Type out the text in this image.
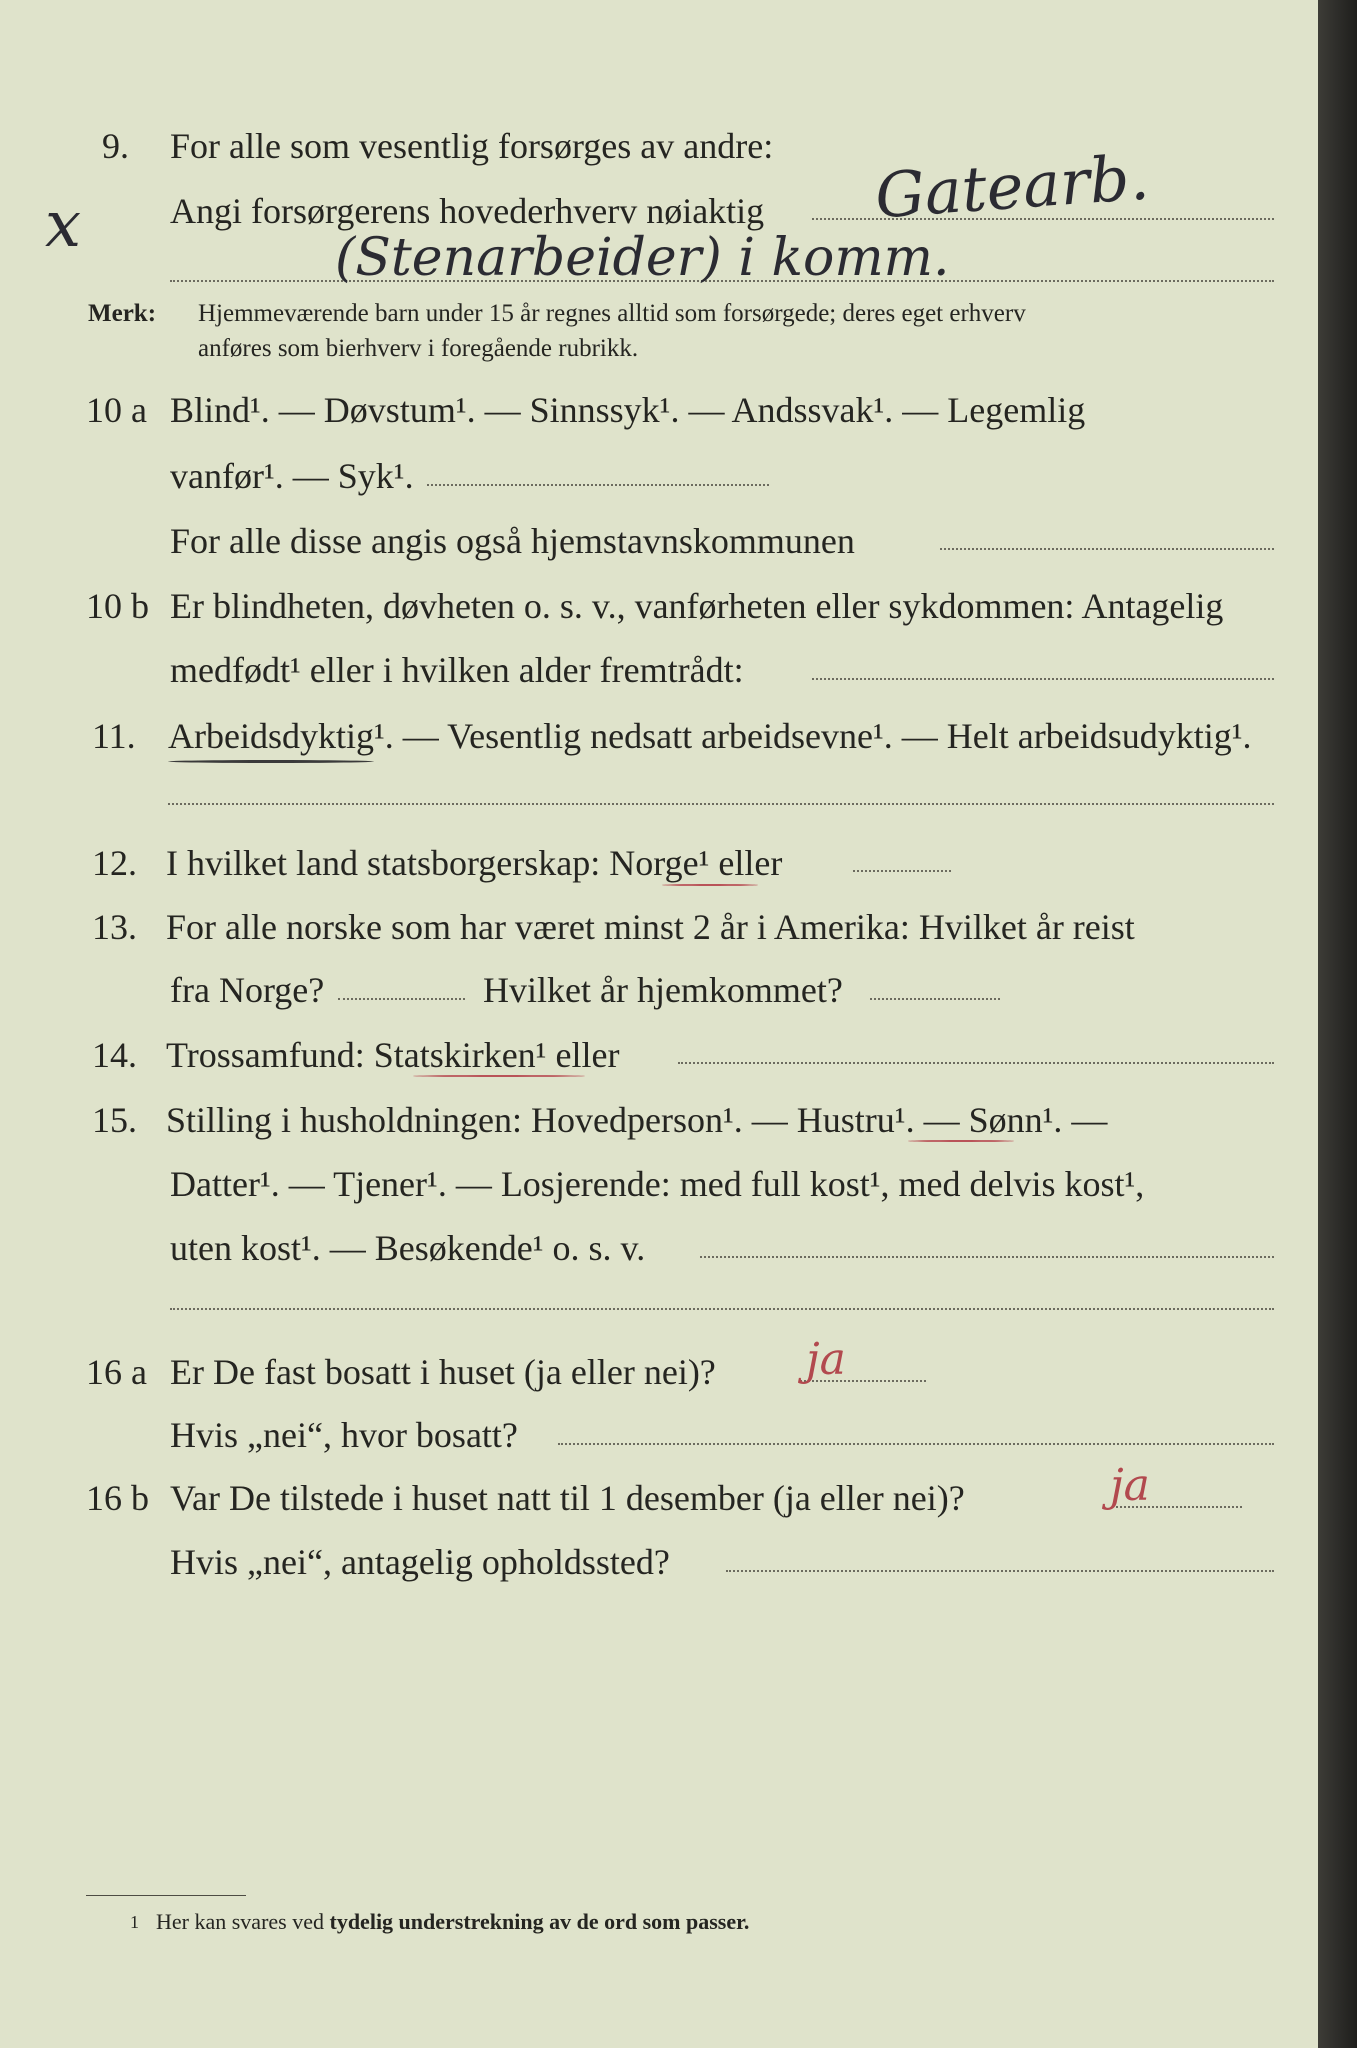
9. For alle som vesentlig forsørges av andre:
Angi forsørgerens hovederhverv nøiaktig Gatearb.
(Stenarbeider) i komm.
x
Merk: Hjemmeværende barn under 15 år regnes alltid som forsørgede; deres eget erhverv
anføres som bierhverv i foregående rubrikk.
10 a Blind¹. — Døvstum¹. — Sinnssyk¹. — Andssvak¹. — Legemlig
vanfør¹. — Syk¹.
For alle disse angis også hjemstavnskommunen
10 b Er blindheten, døvheten o. s. v., vanførheten eller sykdommen: Antagelig
medfødt¹ eller i hvilken alder fremtrådt:
11. Arbeidsdyktig¹. — Vesentlig nedsatt arbeidsevne¹. — Helt arbeidsudyktig¹.
12. I hvilket land statsborgerskap: Norge¹ eller
13. For alle norske som har været minst 2 år i Amerika: Hvilket år reist
fra Norge?	Hvilket år hjemkommet?
14. Trossamfund: Statskirken¹ eller
15. Stilling i husholdningen: Hovedperson¹. — Hustru¹. — Sønn¹. —
Datter¹. — Tjener¹. — Losjerende: med full kost¹, med delvis kost¹,
uten kost¹. — Besøkende¹ o. s. v.
16 a Er De fast bosatt i huset (ja eller nei)? ja
Hvis „nei“, hvor bosatt?
16 b Var De tilstede i huset natt til 1 desember (ja eller nei)?	ja
Hvis „nei“, antagelig opholdssted?
1 Her kan svares ved tydelig understrekning av de ord som passer.
